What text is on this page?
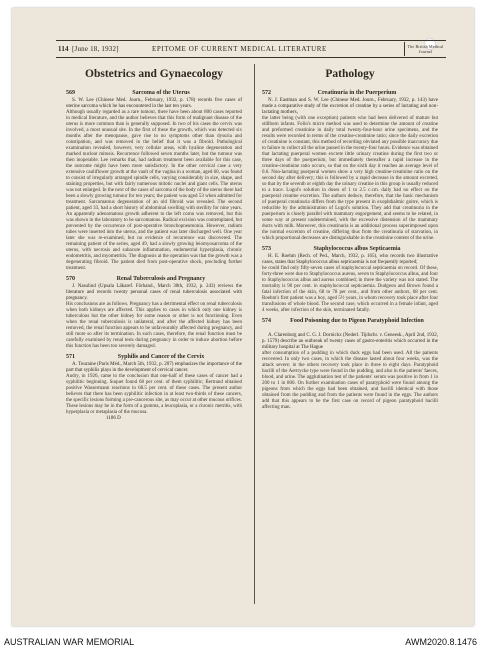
114 [June 18, 1932]	EPITOME OF CURRENT MEDICAL LITERATURE	The British Medical Journal
Obstetrics and Gynaecology
569	Sarcoma of the Uterus

S. W. Lee (Chinese Med. Journ., February, 1932, p. 178) records five cases of uterine sarcoma which he has encountered in the last ten years.

Although usually regarded as a rare tumour, there have been about 800 cases reported in medical literature, and the author believes that this form of malignant disease of the uterus is more common than is generally supposed. In two of his cases the cervix was involved, a most unusual site. In the first of these the growth, which was detected six months after the menopause, gave rise to no symptoms other than dysuria and constipation, and was removed in the belief that it was a fibroid. Pathological examination revealed, however, very cellular areas, with hyaline degeneration and marked nuclear mitosis. Recurrence followed seven months later, but the tumour was then inoperable. Lee remarks that, had radium treatment been available for this case, the outcome might have been more satisfactory. In the other cervical case a very extensive cauliflower growth at the vault of the vagina in a woman, aged 60, was found to consist of irregularly arranged spindle cells, varying considerably in size, shape, and staining properties, but with fairly numerous mitotic nuclei and giant cells. The uterus was not enlarged. In the next of the cases of sarcoma of the body of the uterus there had been a slowly growing tumour for ten years; the patient was aged 53 when admitted for treatment. Sarcomatous degeneration of an old fibroid was revealed. The second patient, aged 33, had a short history of abdominal swelling with sterility for nine years. An apparently adenomatous growth adherent to the left cornu was removed, but this was shown in the laboratory to be sarcomatous. Radical excision was contemplated, but prevented by the occurrence of post-operative bronchopneumonia. However, radium tubes were inserted into the uterus, and the patient was later discharged well. One year later she was re-examined, but no evidence of recurrence was discovered. The remaining patient of the series, aged 49, had a slowly growing leiomyosarcoma of the uterus, with necrosis and subacute inflammation, endometrial hyperplasia, chronic endometritis, and myometritis. The diagnosis at the operation was that the growth was a degenerating fibroid. The patient died from post-operative shock, precluding further treatment.

570	Renal Tuberculosis and Pregnancy

J. Nasulind (Upsala Läkaref. Förhand., March 30th, 1932, p. 243) reviews the literature and records twenty personal cases of renal tuberculosis associated with pregnancy.

His conclusions are as follows. Pregnancy has a detrimental effect on renal tuberculosis when both kidneys are affected. This applies to cases in which only one kidney is tuberculous but the other kidney for some reason or other is not functioning. Even when the renal tuberculosis is unilateral, and after the affected kidney has been removed, the renal function appears to be unfavourably affected during pregnancy, and still more so after its termination. In such cases, therefore, the renal function must be carefully examined by renal tests during pregnancy in order to induce abortion before this function has been too severely damaged.

571	Syphilis and Cancer of the Cervix

A. Touraine (Paris Méd., March 5th, 1932, p. 207) emphasizes the importance of the part that syphilis plays in the development of cervical cancer.

Audry, in 1926, came to the conclusion that one-half of these cases of cancer had a syphilitic beginning. Suquet found 68 per cent. of them syphilitic; Bertrand obtained positive Wassermann reactions in 68.5 per cent. of these cases. The present author believes that there has been syphilitic infection in at least two-thirds of these cancers, the specific lesions forming a pre-cancerous site, as may occur at other mucous orifices. These lesions may be in the form of a gumma, a leucoplasia, or a chronic metritis, with hyperplasia or metaplasia of the mucosa.

1186 D

Pathology
572	Creatinuria in the Puerperium

N. J. Eastman and S. W. Lee (Chinese Med. Journ., February, 1932, p. 143) have made a comparative study of the excretion of creatine by a series of lactating and non-lactating mothers,

the latter being (with one exception) patients who had been delivered of mature but stillborn infants. Folin's micro method was used to determine the amount of creatine and preformed creatinine in daily total twenty-four-hour urine specimens, and the results were recorded in terms of the creatine-creatinine ratio; since the daily excretion of creatinine is constant, this method of recording obviated any possible inaccuracy due to failure to collect all the urine passed in the twenty-four hours. Evidence was obtained that lactating puerperal women excrete little urinary creatine during the first two or three days of the puerperium, but immediately thereafter a rapid increase in the creatine-creatinine ratio occurs, so that on the sixth day it reaches an average level of 0.6. Non-lactating puerperal women show a very high creatine-creatinine ratio on the second day after delivery; this is followed by a rapid decrease in the amount excreted, so that by the seventh or eighth day the urinary creatine in this group is usually reduced to a trace. Lugol's solution in doses of 1 to 2.5 c.cm. daily had no effect on the puerperal creatine excretion. The authors deduce, therefore, that the basic mechanism of puerperal creatinuria differs from the type present in exophthalmic goitre, which is reducible by the administration of Lugol's solution. They add that creatinuria in the puerperium is closely parallel with mammary engorgement, and seems to be related, in some way at present undetermined, with the excessive distension of the mammary ducts with milk. Moreover, this creatinuria is an additional process superimposed upon the normal excretion of creatine, differing thus from the creatinuria of starvation, in which proportional decreases are distinguishable in the creatinine content of the urine.

573	Staphylococcus albus Septicaemia

H. E. Roehm (Rech. of Ped., March, 1932, p. 165), who records two illustrative cases, states that Staphylococcus albus septicaemia is not frequently reported;

he could find only fifty-seven cases of staphylococcal septicaemia on record. Of these, forty-three were due to Staphylococcus aureus, seven to Staphylococcus albus, and four to Staphylococcus albus and aureus combined; in three the variety was not stated. The mortality is 90 per cent. in staphylococcal septicaemia. Dudgeon and Brown found a fatal infection of the skin, 68 to 78 per cent., and from other authors, 68 per cent. Roehm's first patient was a boy, aged 5½ years, in whom recovery took place after four transfusions of whole blood. The second case, which occurred in a female infant, aged 4 weeks, after infection of the skin, terminated fatally.

574	Food Poisoning due to Pigeon Paratyphoid Infection

A. Clarenburg and C. G. J. Dornickx (Nederl. Tijdschr. v. Geneesk., April 2nd, 1932, p. 1579) describe an outbreak of twenty cases of gastro-enteritis which occurred in the military hospital at The Hague

after consumption of a pudding in which duck eggs had been used. All the patients recovered. In only two cases, in which the disease lasted about four weeks, was the attack severe; in the others recovery took place in three to eight days. Paratyphoid bacilli of the Aertrycke type were found in the pudding, and also in the patients' faeces, blood, and urine. The agglutination test of the patients' serum was positive in from 1 in 200 to 1 in 800. On further examination cases of paratyphoid were found among the pigeons from which the eggs had been obtained, and bacilli identical with those obtained from the pudding and from the patients were found in the eggs. The authors add that this appears to be the first case on record of pigeon paratyphoid bacilli affecting man.

AUSTRALIAN WAR MEMORIAL	AWM2020.8.1476
